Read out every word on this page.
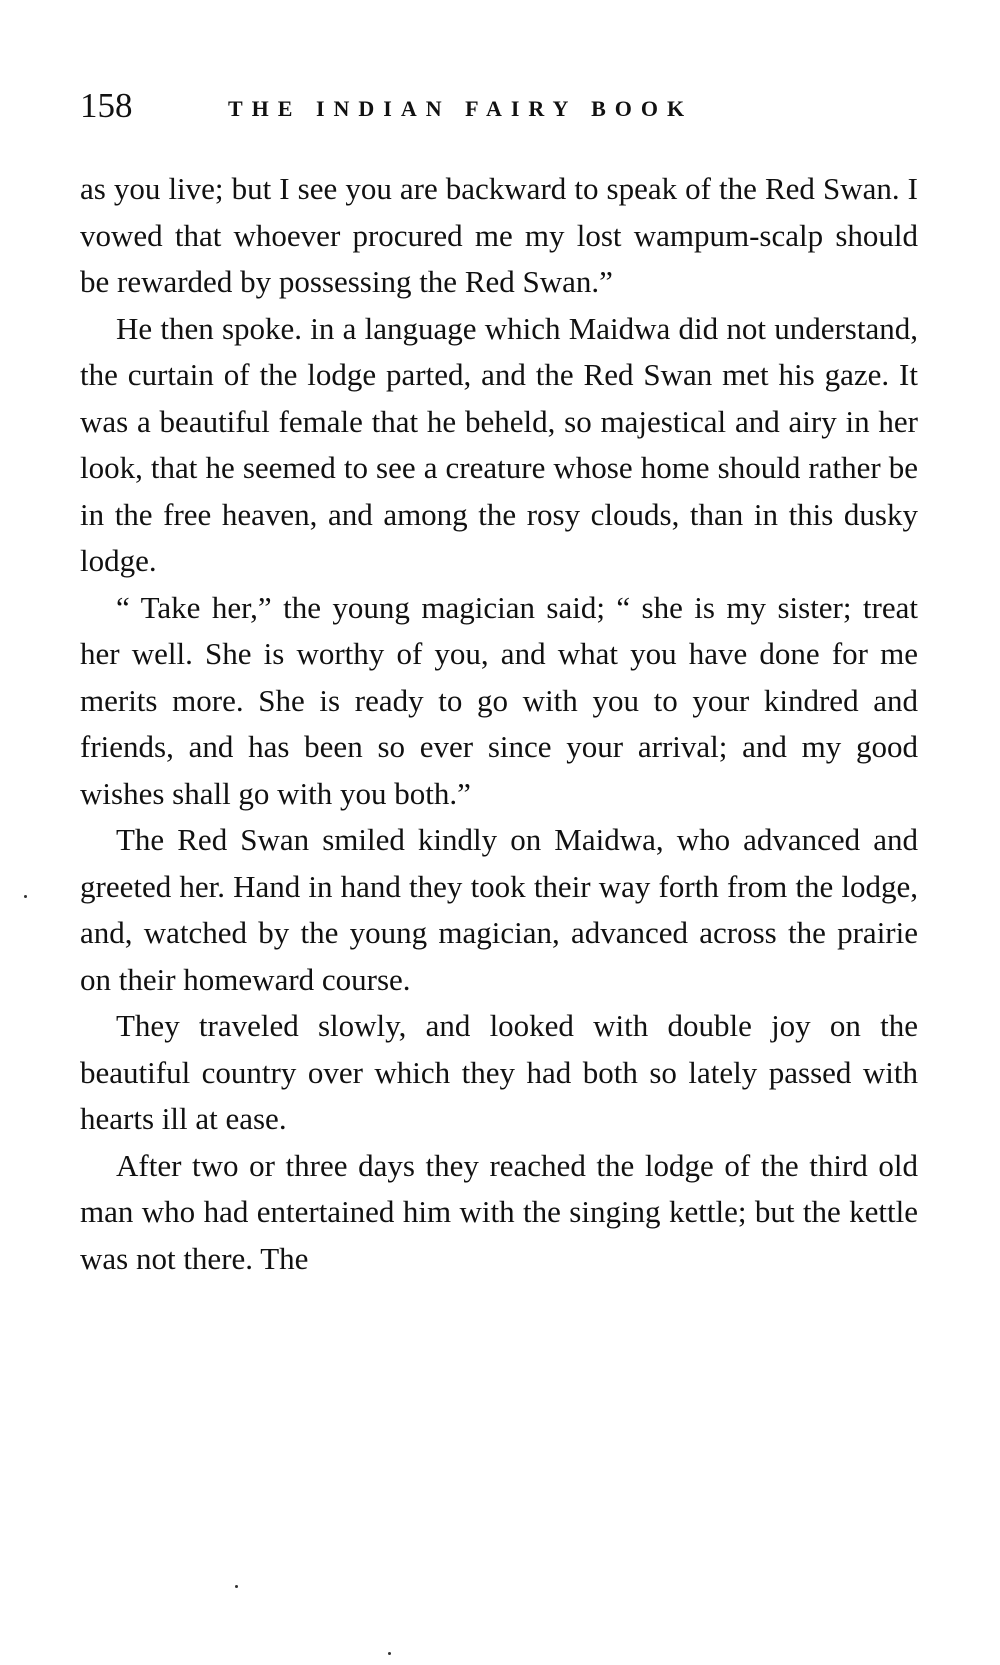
158	THE INDIAN FAIRY BOOK

as you live; but I see you are backward to speak of the Red Swan. I vowed that whoever procured me my lost wampum-scalp should be rewarded by possessing the Red Swan.”

He then spoke. in a language which Maidwa did not understand, the curtain of the lodge parted, and the Red Swan met his gaze. It was a beautiful female that he beheld, so majestical and airy in her look, that he seemed to see a creature whose home should rather be in the free heaven, and among the rosy clouds, than in this dusky lodge.

“ Take her,” the young magician said; “ she is my sister; treat her well. She is worthy of you, and what you have done for me merits more. She is ready to go with you to your kindred and friends, and has been so ever since your arrival; and my good wishes shall go with you both.”

The Red Swan smiled kindly on Maidwa, who advanced and greeted her. Hand in hand they took their way forth from the lodge, and, watched by the young magician, advanced across the prairie on their homeward course.

They traveled slowly, and looked with double joy on the beautiful country over which they had both so lately passed with hearts ill at ease.

After two or three days they reached the lodge of the third old man who had entertained him with the singing kettle; but the kettle was not there. The
